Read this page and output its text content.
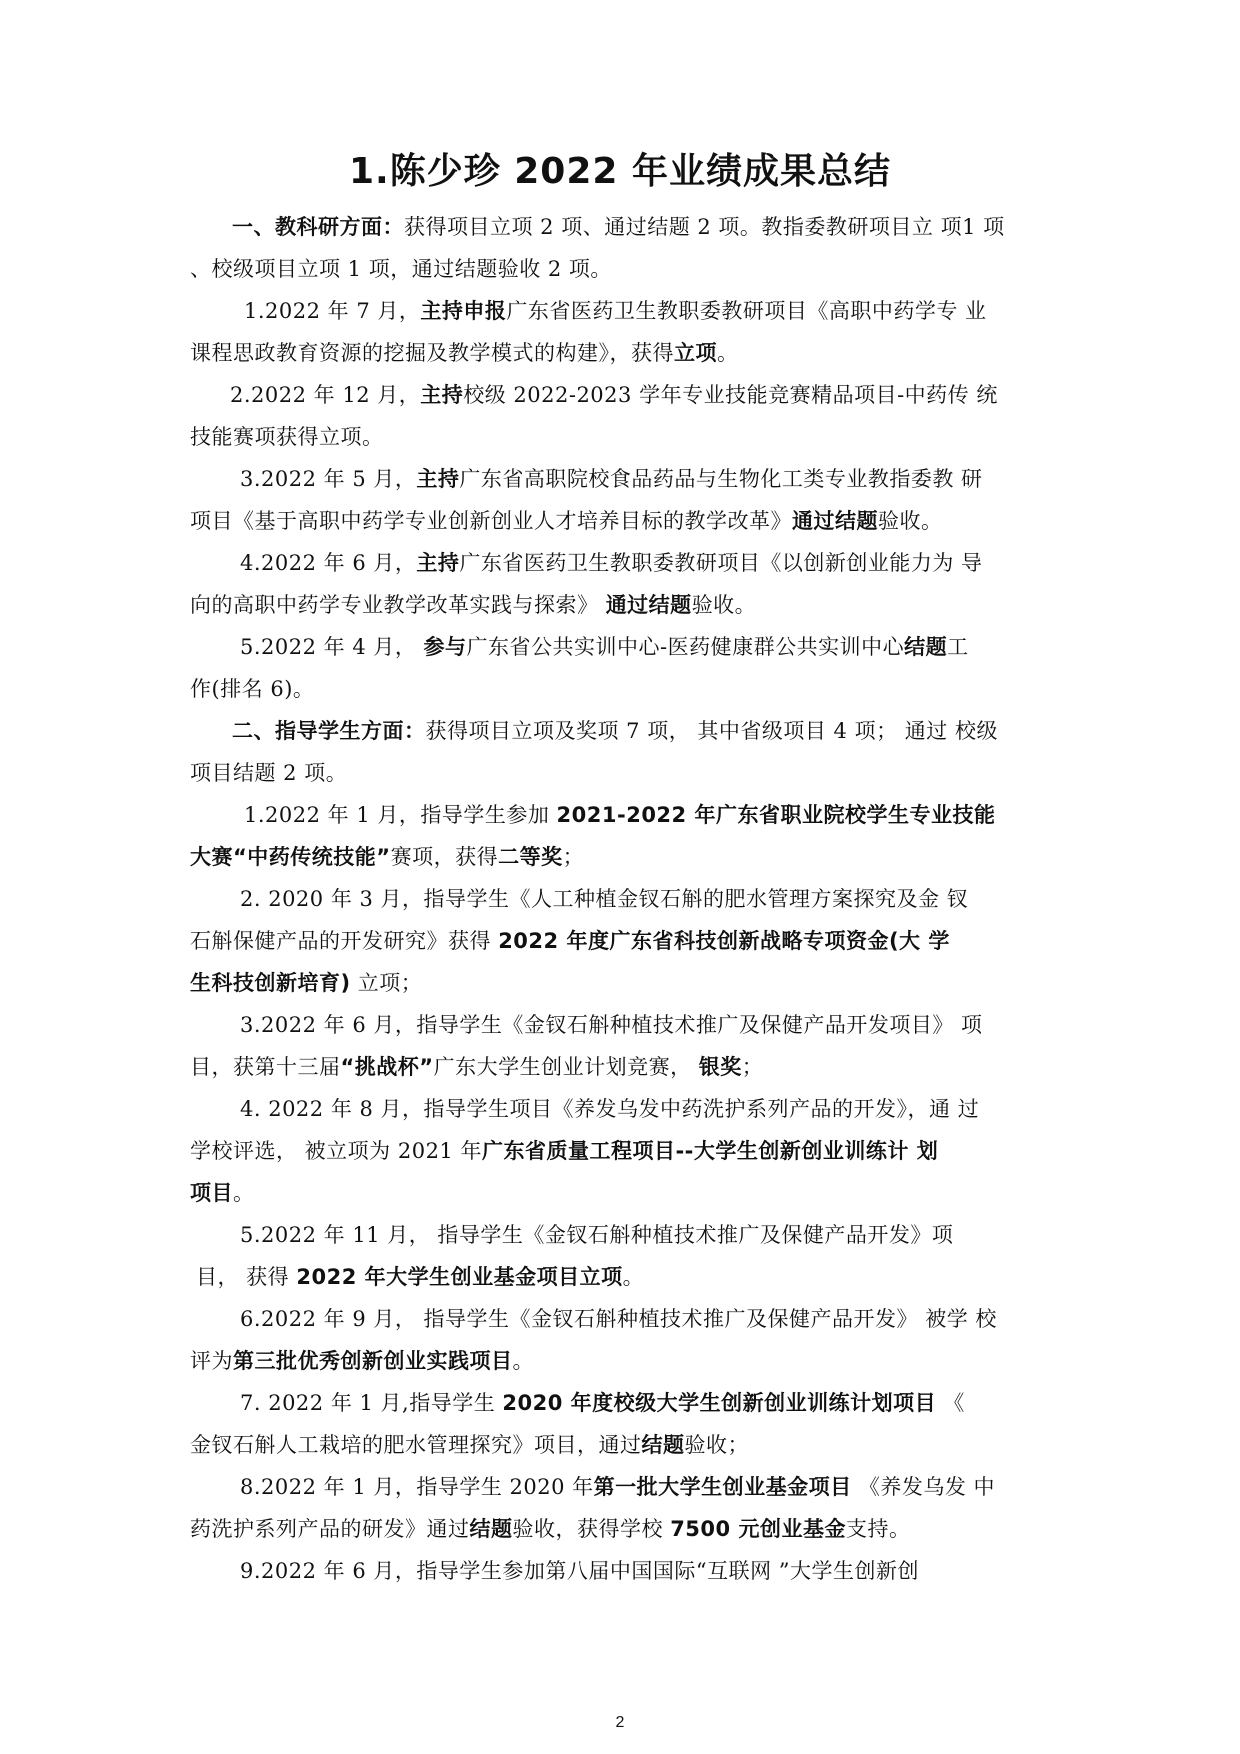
1.陈少珍 2022 年业绩成果总结
一、教科研方面：获得项目立项 2 项、通过结题 2 项。教指委教研项目立 项1 项
、校级项目立项 1 项，通过结题验收 2 项。
1.2022 年 7 月，主持申报广东省医药卫生教职委教研项目《高职中药学专 业
课程思政教育资源的挖掘及教学模式的构建》，获得立项。
2.2022 年 12 月，主持校级 2022-2023 学年专业技能竞赛精品项目-中药传 统
技能赛项获得立项。
3.2022 年 5 月，主持广东省高职院校食品药品与生物化工类专业教指委教 研
项目《基于高职中药学专业创新创业人才培养目标的教学改革》通过结题验收。
4.2022 年 6 月，主持广东省医药卫生教职委教研项目《以创新创业能力为 导
向的高职中药学专业教学改革实践与探索》 通过结题验收。
5.2022 年 4 月， 参与广东省公共实训中心-医药健康群公共实训中心结题工
作(排名 6)。
二、指导学生方面：获得项目立项及奖项 7 项， 其中省级项目 4 项； 通过 校级
项目结题 2 项。
1.2022 年 1 月，指导学生参加 2021-2022 年广东省职业院校学生专业技能
大赛“中药传统技能”赛项，获得二等奖；
2. 2020 年 3 月，指导学生《人工种植金钗石斛的肥水管理方案探究及金 钗
石斛保健产品的开发研究》获得 2022 年度广东省科技创新战略专项资金(大 学
生科技创新培育) 立项；
3.2022 年 6 月，指导学生《金钗石斛种植技术推广及保健产品开发项目》 项
目，获第十三届“挑战杯”广东大学生创业计划竞赛， 银奖；
4. 2022 年 8 月，指导学生项目《养发乌发中药洗护系列产品的开发》，通 过
学校评选， 被立项为 2021 年广东省质量工程项目--大学生创新创业训练计 划
项目。
5.2022 年 11 月， 指导学生《金钗石斛种植技术推广及保健产品开发》项
目， 获得 2022 年大学生创业基金项目立项。
6.2022 年 9 月， 指导学生《金钗石斛种植技术推广及保健产品开发》 被学 校
评为第三批优秀创新创业实践项目。
7. 2022 年 1 月,指导学生 2020 年度校级大学生创新创业训练计划项目 《
金钗石斛人工栽培的肥水管理探究》项目，通过结题验收；
8.2022 年 1 月，指导学生 2020 年第一批大学生创业基金项目 《养发乌发 中
药洗护系列产品的研发》通过结题验收，获得学校 7500 元创业基金支持。
9.2022 年 6 月，指导学生参加第八届中国国际“互联网 ”大学生创新创
2
